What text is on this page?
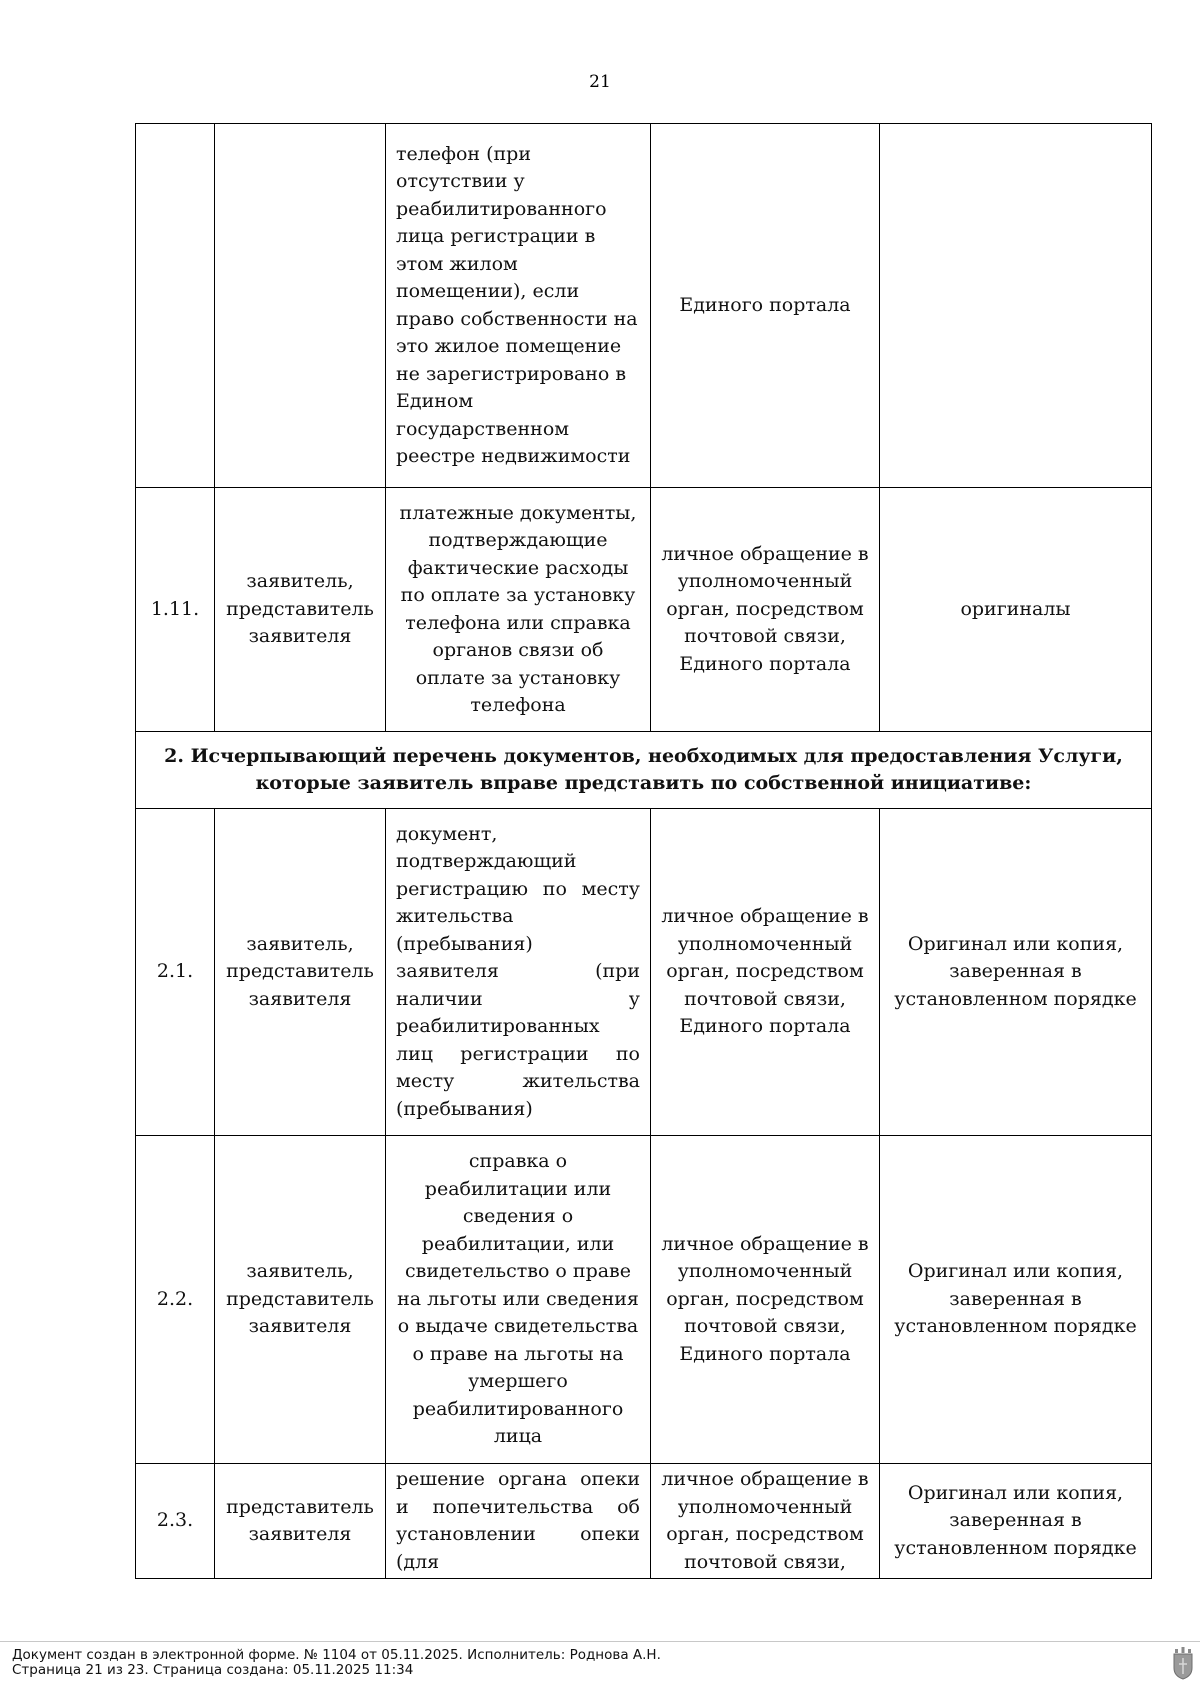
21
		телефон (при отсутствии у реабилитированного лица регистрации в этом жилом помещении), если право собственности на это жилое помещение не зарегистрировано в Едином государственном реестре недвижимости	Единого портала	
1.11.	заявитель, представитель заявителя	платежные документы, подтверждающие фактические расходы по оплате за установку телефона или справка органов связи об оплате за установку телефона	личное обращение в уполномоченный орган, посредством почтовой связи, Единого портала	оригиналы
2. Исчерпывающий перечень документов, необходимых для предоставления Услуги, которые заявитель вправе представить по собственной инициативе:				
2.1.	заявитель, представитель заявителя	документ, подтверждающий регистрацию по месту жительства (пребывания) заявителя (при наличии у реабилитированных лиц регистрации по месту жительства (пребывания)	личное обращение в уполномоченный орган, посредством почтовой связи, Единого портала	Оригинал или копия, заверенная в установленном порядке
2.2.	заявитель, представитель заявителя	справка о реабилитации или сведения о реабилитации, или свидетельство о праве на льготы или сведения о выдаче свидетельства о праве на льготы на умершего реабилитированного лица	личное обращение в уполномоченный орган, посредством почтовой связи, Единого портала	Оригинал или копия, заверенная в установленном порядке
2.3.	представитель заявителя	решение органа опеки и попечительства об установлении опеки (для	личное обращение в уполномоченный орган, посредством почтовой связи,	Оригинал или копия, заверенная в установленном порядке
Документ создан в электронной форме. № 1104 от 05.11.2025. Исполнитель: Роднова А.Н.
Страница 21 из 23. Страница создана: 05.11.2025 11:34
